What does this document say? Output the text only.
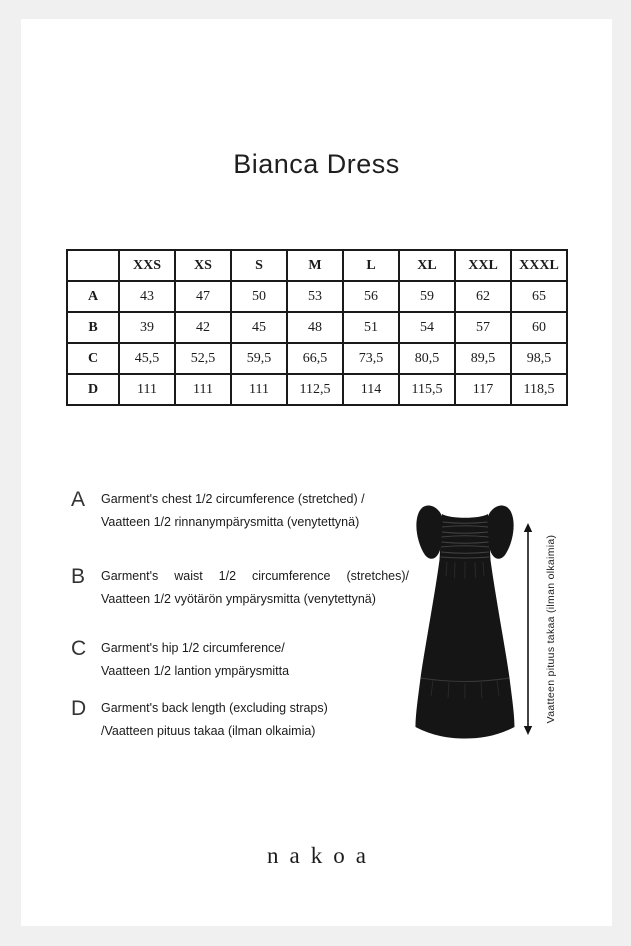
Bianca Dress
	XXS	XS	S	M	L	XL	XXL	XXXL
A	43	47	50	53	56	59	62	65
B	39	42	45	48	51	54	57	60
C	45,5	52,5	59,5	66,5	73,5	80,5	89,5	98,5
D	111	111	111	112,5	114	115,5	117	118,5
A	Garment's chest 1/2 circumference (stretched) /
Vaatteen 1/2 rinnanympärysmitta (venytettynä)
B	Garment's waist 1/2 circumference (stretches)/
Vaatteen 1/2 vyötärön ympärysmitta (venytettynä)
C	Garment's hip 1/2 circumference/
Vaatteen 1/2 lantion ympärysmitta
D	Garment's back length (excluding straps)
/Vaatteen pituus takaa (ilman olkaimia)
Vaatteen pituus takaa (ilman olkaimia)
nakoa
